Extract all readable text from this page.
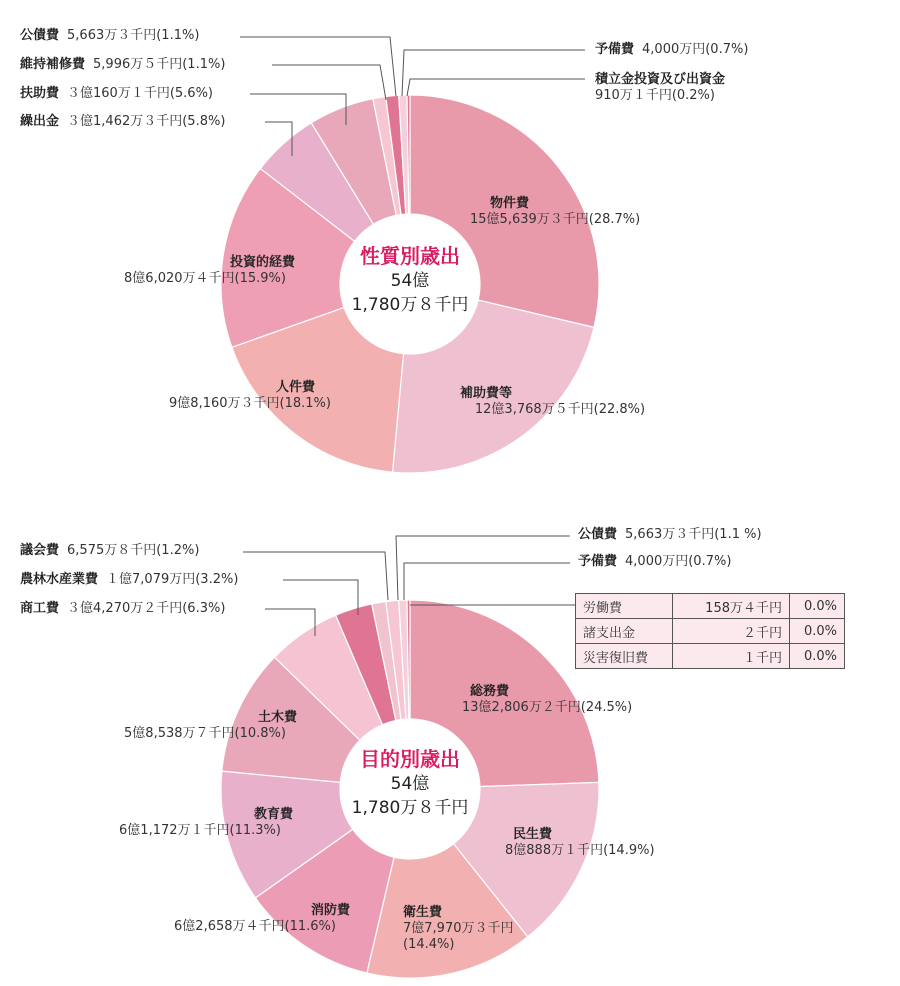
公債費 5,663万３千円(1.1%)
維持補修費 5,996万５千円(1.1%)
扶助費 ３億160万１千円(5.6%)
繰出金 ３億1,462万３千円(5.8%)
予備費 4,000万円(0.7%)
積立金投資及び出資金
910万１千円(0.2%)
物件費
15億5,639万３千円(28.7%)
補助費等
12億3,768万５千円(22.8%)
人件費
9億8,160万３千円(18.1%)
投資的経費
8億6,020万４千円(15.9%)
性質別歳出
54億
1,780万８千円
議会費 6,575万８千円(1.2%)
農林水産業費 １億7,079万円(3.2%)
商工費 ３億4,270万２千円(6.3%)
公債費 5,663万３千円(1.1 %)
予備費 4,000万円(0.7%)
総務費
13億2,806万２千円(24.5%)
民生費
8億888万１千円(14.9%)
衛生費
7億7,970万３千円
(14.4%)
消防費
6億2,658万４千円(11.6%)
教育費
6億1,172万１千円(11.3%)
土木費
5億8,538万７千円(10.8%)
目的別歳出
54億
1,780万８千円
労働費	158万４千円	0.0%
諸支出金	２千円	0.0%
災害復旧費	１千円	0.0%
